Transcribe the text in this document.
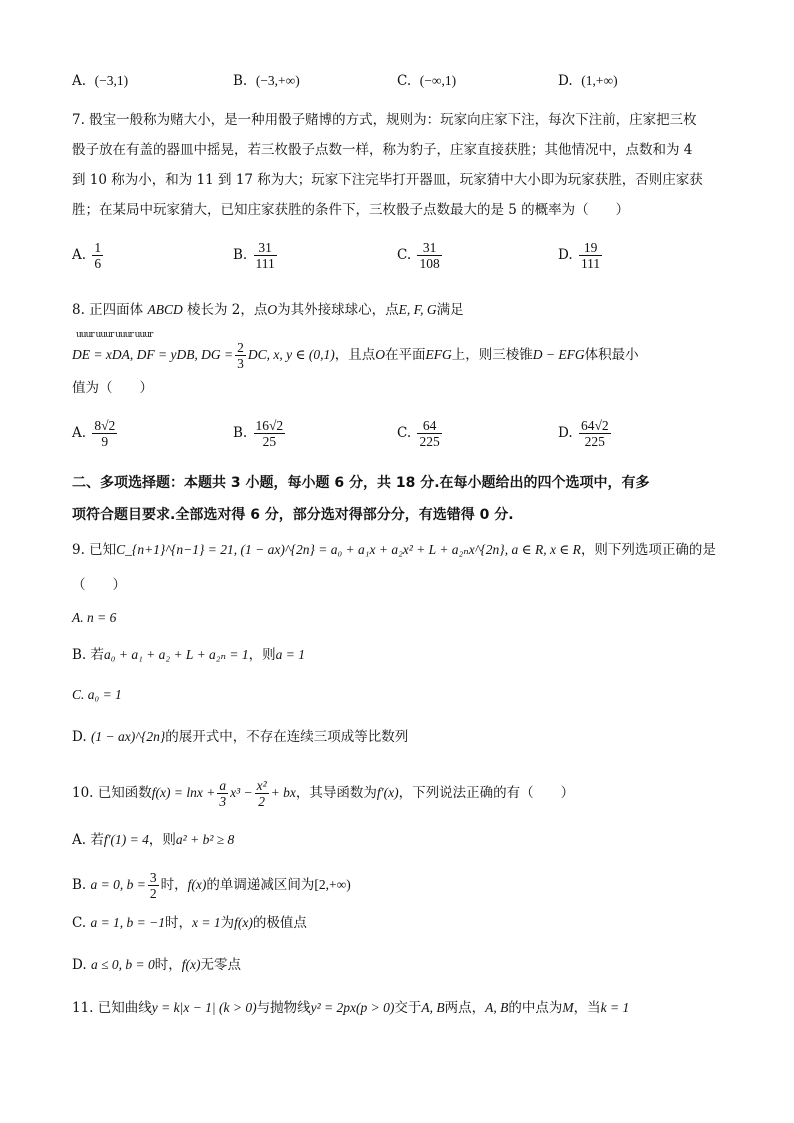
A. (−3,1)	B. (−3,+∞)	C. (−∞,1)	D. (1,+∞)
7. 骰宝一般称为赌大小，是一种用骰子赌博的方式，规则为：玩家向庄家下注，每次下注前，庄家把三枚
骰子放在有盖的器皿中摇晃，若三枚骰子点数一样，称为豹子，庄家直接获胜；其他情况中，点数和为 4
到 10 称为小，和为 11 到 17 称为大；玩家下注完毕打开器皿，玩家猜中大小即为玩家获胜，否则庄家获
胜；在某局中玩家猜大，已知庄家获胜的条件下，三枚骰子点数最大的是 5 的概率为（　　）
A. $\frac{1}{6}$	B. $\frac{31}{111}$	C. $\frac{31}{108}$	D. $\frac{19}{111}$
8. 正四面体 ABCD 棱长为 2，点O为其外接球球心，点E, F, G满足
uuur uuur uuur uuur
DE = xDA, DF = yDB, DG = $\frac{2}{3}$ DC, x, y ∈ (0,1)，且点O在平面EFG上，则三棱锥D − EFG体积最小
值为（　　）
A. $\frac{8√2}{9}$	B. $\frac{16√2}{25}$	C. $\frac{64}{225}$	D. $\frac{64√2}{225}$
二、多项选择题：本题共 3 小题，每小题 6 分，共 18 分.在每小题给出的四个选项中，有多
项符合题目要求.全部选对得 6 分，部分选对得部分分，有选错得 0 分.
9. 已知C_{n+1}^{n−1} = 21, (1 − ax)^{2n} = a₀ + a₁x + a₂x² + L + a₂ₙx^{2n}, a ∈ R, x ∈ R，则下列选项正确的是
（　　）
A. n = 6
B. 若a₀ + a₁ + a₂ + L + a₂ₙ = 1，则a = 1
C. a₀ = 1
D. (1 − ax)^{2n}的展开式中，不存在连续三项成等比数列
10. 已知函数$f(x) = \ln x + \frac{a}{3} x^3 - \frac{\text{x²}}{2}$ + bx，其导函数为f′(x)，下列说法正确的有（　　）
A. 若f′(1) = 4，则a² + b² ≥ 8
B. a = 0, $b = \frac{3}{2}$ 时，f(x)的单调递减区间为[2,+∞)
C. a = 1, b = −1时，x = 1为f(x)的极值点
D. a ≤ 0, b = 0时，f(x)无零点
11. 已知曲线y = k|x − 1| (k > 0)与抛物线y² = 2px(p > 0)交于A, B两点，A, B的中点为M，当k = 1
